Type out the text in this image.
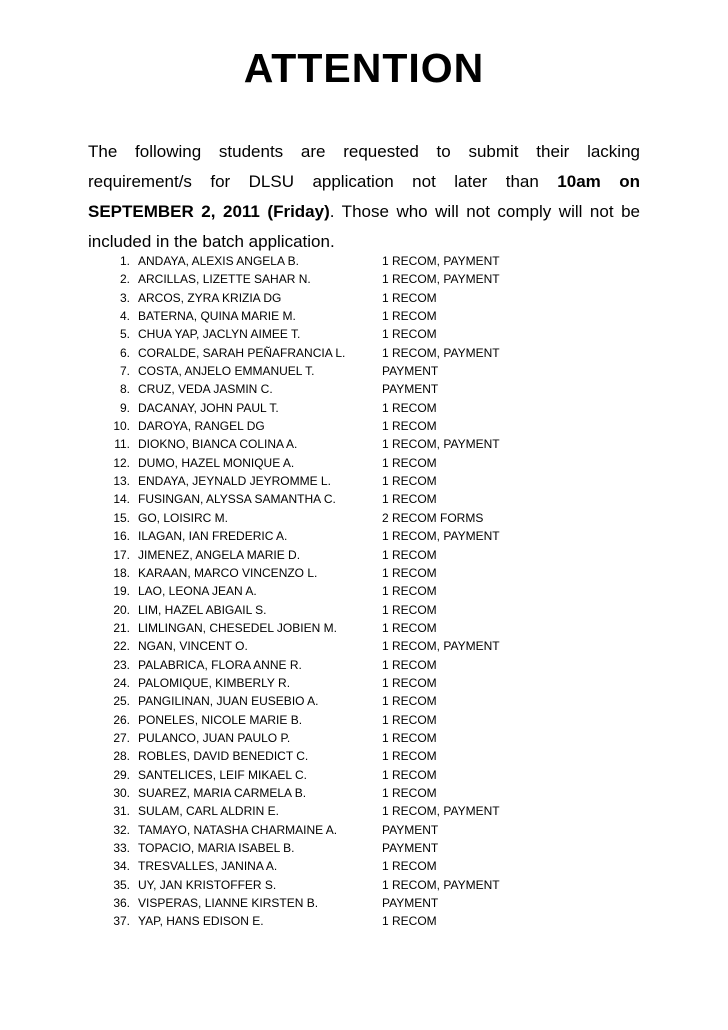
ATTENTION

The following students are requested to submit their lacking requirement/s for DLSU application not later than 10am on SEPTEMBER 2, 2011 (Friday). Those who will not comply will not be included in the batch application.

1. ANDAYA, ALEXIS ANGELA B.	1 RECOM, PAYMENT
2. ARCILLAS, LIZETTE SAHAR N.	1 RECOM, PAYMENT
3. ARCOS, ZYRA KRIZIA DG	1 RECOM
4. BATERNA, QUINA MARIE M.	1 RECOM
5. CHUA YAP, JACLYN AIMEE T.	1 RECOM
6. CORALDE, SARAH PEÑAFRANCIA L.	1 RECOM, PAYMENT
7. COSTA, ANJELO EMMANUEL T.	PAYMENT
8. CRUZ, VEDA JASMIN C.	PAYMENT
9. DACANAY, JOHN PAUL T.	1 RECOM
10. DAROYA, RANGEL DG	1 RECOM
11. DIOKNO, BIANCA COLINA A.	1 RECOM, PAYMENT
12. DUMO, HAZEL MONIQUE A.	1 RECOM
13. ENDAYA, JEYNALD JEYROMME L.	1 RECOM
14. FUSINGAN, ALYSSA SAMANTHA C.	1 RECOM
15. GO, LOISIRC M.	2 RECOM FORMS
16. ILAGAN, IAN FREDERIC A.	1 RECOM, PAYMENT
17. JIMENEZ, ANGELA MARIE D.	1 RECOM
18. KARAAN, MARCO VINCENZO L.	1 RECOM
19. LAO, LEONA JEAN A.	1 RECOM
20. LIM, HAZEL ABIGAIL S.	1 RECOM
21. LIMLINGAN, CHESEDEL JOBIEN M.	1 RECOM
22. NGAN, VINCENT O.	1 RECOM, PAYMENT
23. PALABRICA, FLORA ANNE R.	1 RECOM
24. PALOMIQUE, KIMBERLY R.	1 RECOM
25. PANGILINAN, JUAN EUSEBIO A.	1 RECOM
26. PONELES, NICOLE MARIE B.	1 RECOM
27. PULANCO, JUAN PAULO P.	1 RECOM
28. ROBLES, DAVID BENEDICT C.	1 RECOM
29. SANTELICES, LEIF MIKAEL C.	1 RECOM
30. SUAREZ, MARIA CARMELA B.	1 RECOM
31. SULAM, CARL ALDRIN E.	1 RECOM, PAYMENT
32. TAMAYO, NATASHA CHARMAINE A.	PAYMENT
33. TOPACIO, MARIA ISABEL B.	PAYMENT
34. TRESVALLES, JANINA A.	1 RECOM
35. UY, JAN KRISTOFFER S.	1 RECOM, PAYMENT
36. VISPERAS, LIANNE KIRSTEN B.	PAYMENT
37. YAP, HANS EDISON E.	1 RECOM
